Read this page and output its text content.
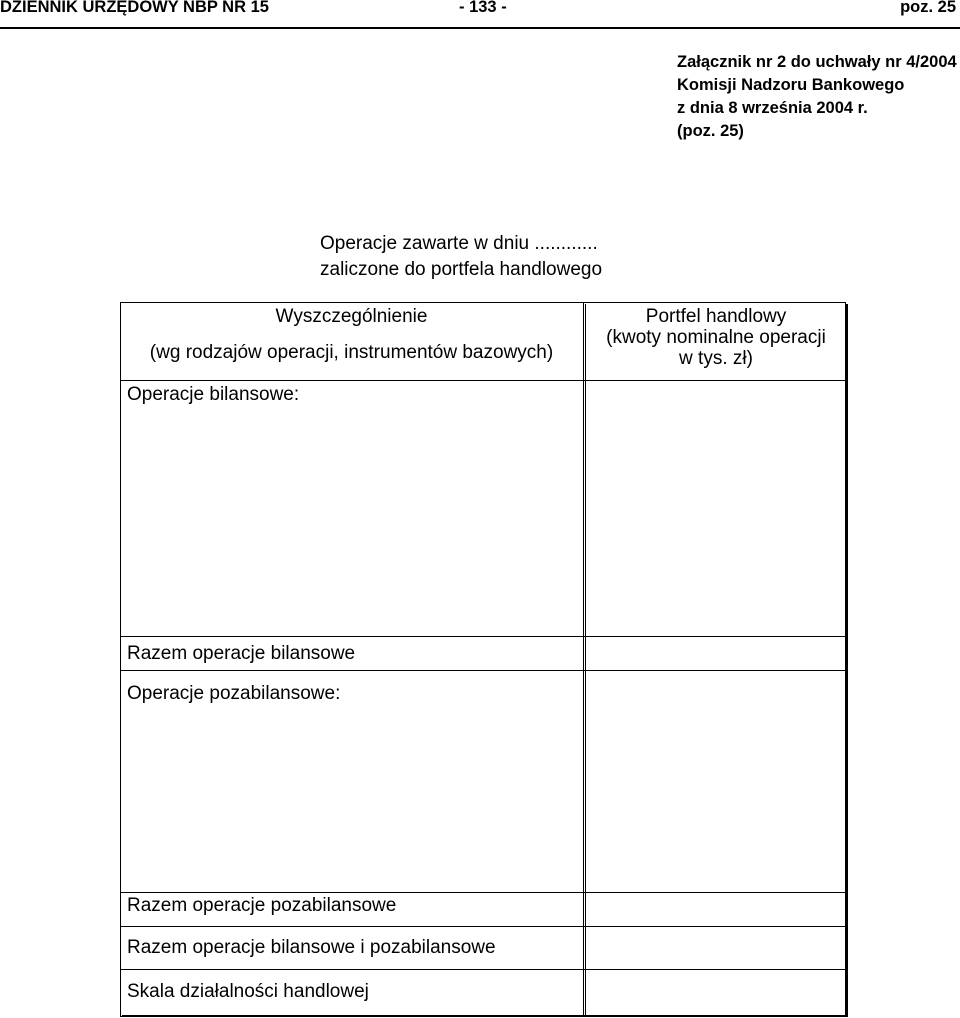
DZIENNIK URZĘDOWY NBP NR 15	- 133 -	poz. 25
Załącznik nr 2 do uchwały nr 4/2004
Komisji Nadzoru Bankowego
z dnia 8 września 2004 r.
(poz. 25)
Operacje zawarte w dniu ............
zaliczone do portfela handlowego
Wyszczególnienie
(wg rodzajów operacji, instrumentów bazowych)
Portfel handlowy
(kwoty nominalne operacji
w tys. zł)
Operacje bilansowe:
Razem operacje bilansowe
Operacje pozabilansowe:
Razem operacje pozabilansowe
Razem operacje bilansowe i pozabilansowe
Skala działalności handlowej
